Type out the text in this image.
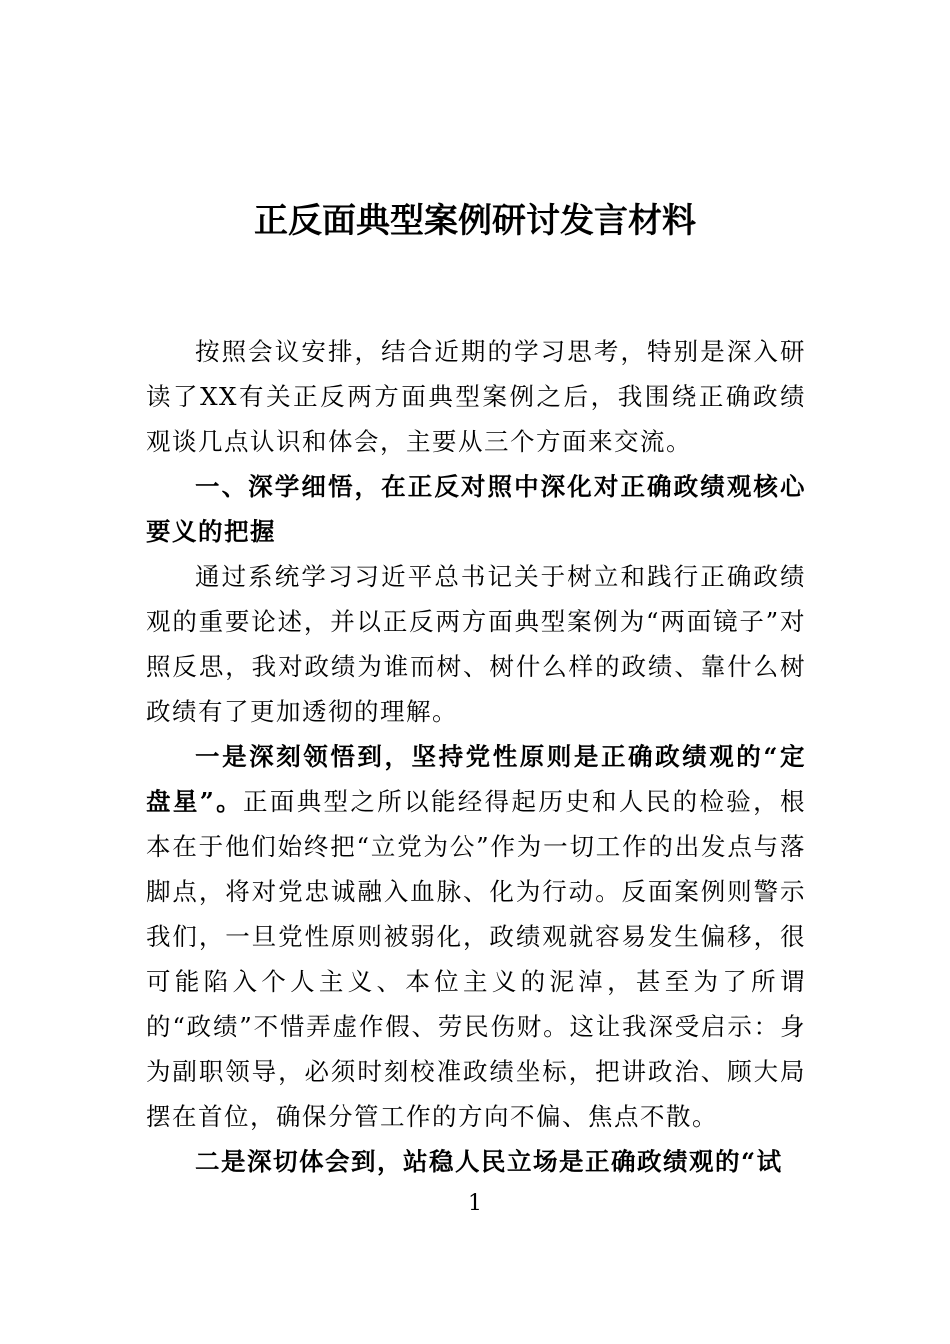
正反面典型案例研讨发言材料

按照会议安排，结合近期的学习思考，特别是深入研读了XX有关正反两方面典型案例之后，我围绕正确政绩观谈几点认识和体会，主要从三个方面来交流。

一、深学细悟，在正反对照中深化对正确政绩观核心要义的把握

通过系统学习习近平总书记关于树立和践行正确政绩观的重要论述，并以正反两方面典型案例为“两面镜子”对照反思，我对政绩为谁而树、树什么样的政绩、靠什么树政绩有了更加透彻的理解。

一是深刻领悟到，坚持党性原则是正确政绩观的“定盘星”。正面典型之所以能经得起历史和人民的检验，根本在于他们始终把“立党为公”作为一切工作的出发点与落脚点，将对党忠诚融入血脉、化为行动。反面案例则警示我们，一旦党性原则被弱化，政绩观就容易发生偏移，很可能陷入个人主义、本位主义的泥淖，甚至为了所谓的“政绩”不惜弄虚作假、劳民伤财。这让我深受启示：身为副职领导，必须时刻校准政绩坐标，把讲政治、顾大局摆在首位，确保分管工作的方向不偏、焦点不散。

二是深切体会到，站稳人民立场是正确政绩观的“试

1
